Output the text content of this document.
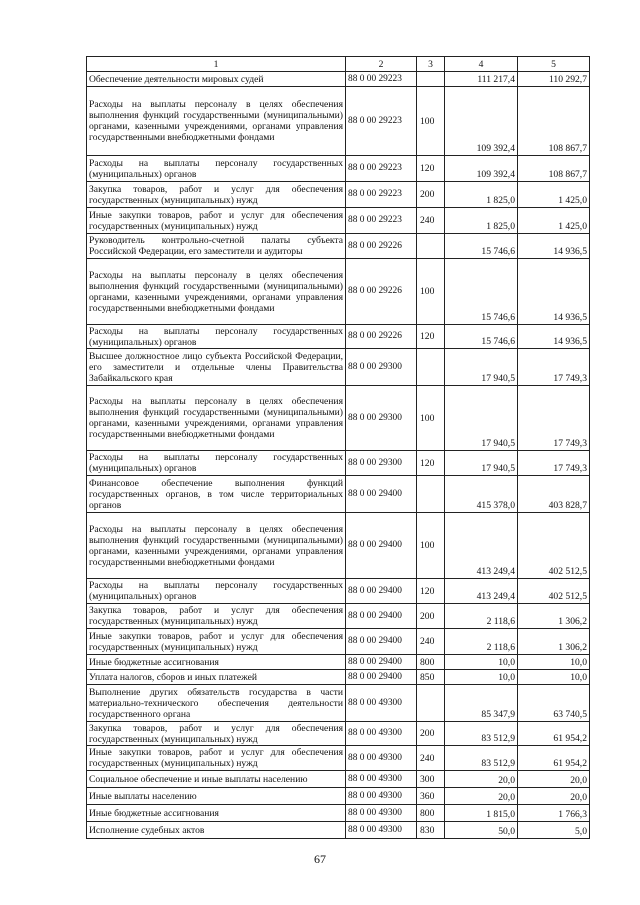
1	2	3	4	5
Обеспечение деятельности мировых судей	88 0 00 29223		111 217,4	110 292,7
Расходы на выплаты персоналу в целях обеспечения выполнения функций государственными (муниципальными) органами, казенными учреждениями, органами управления государственными внебюджетными фондами	88 0 00 29223	100	109 392,4	108 867,7
Расходы на выплаты персоналу государственных (муниципальных) органов	88 0 00 29223	120	109 392,4	108 867,7
Закупка товаров, работ и услуг для обеспечения государственных (муниципальных) нужд	88 0 00 29223	200	1 825,0	1 425,0
Иные закупки товаров, работ и услуг для обеспечения государственных (муниципальных) нужд	88 0 00 29223	240	1 825,0	1 425,0
Руководитель контрольно-счетной палаты субъекта Российской Федерации, его заместители и аудиторы	88 0 00 29226		15 746,6	14 936,5
Расходы на выплаты персоналу в целях обеспечения выполнения функций государственными (муниципальными) органами, казенными учреждениями, органами управления государственными внебюджетными фондами	88 0 00 29226	100	15 746,6	14 936,5
Расходы на выплаты персоналу государственных (муниципальных) органов	88 0 00 29226	120	15 746,6	14 936,5
Высшее должностное лицо субъекта Российской Федерации, его заместители и отдельные члены Правительства Забайкальского края	88 0 00 29300		17 940,5	17 749,3
Расходы на выплаты персоналу в целях обеспечения выполнения функций государственными (муниципальными) органами, казенными учреждениями, органами управления государственными внебюджетными фондами	88 0 00 29300	100	17 940,5	17 749,3
Расходы на выплаты персоналу государственных (муниципальных) органов	88 0 00 29300	120	17 940,5	17 749,3
Финансовое обеспечение выполнения функций государственных органов, в том числе территориальных органов	88 0 00 29400		415 378,0	403 828,7
Расходы на выплаты персоналу в целях обеспечения выполнения функций государственными (муниципальными) органами, казенными учреждениями, органами управления государственными внебюджетными фондами	88 0 00 29400	100	413 249,4	402 512,5
Расходы на выплаты персоналу государственных (муниципальных) органов	88 0 00 29400	120	413 249,4	402 512,5
Закупка товаров, работ и услуг для обеспечения государственных (муниципальных) нужд	88 0 00 29400	200	2 118,6	1 306,2
Иные закупки товаров, работ и услуг для обеспечения государственных (муниципальных) нужд	88 0 00 29400	240	2 118,6	1 306,2
Иные бюджетные ассигнования	88 0 00 29400	800	10,0	10,0
Уплата налогов, сборов и иных платежей	88 0 00 29400	850	10,0	10,0
Выполнение других обязательств государства в части материально-технического обеспечения деятельности государственного органа	88 0 00 49300		85 347,9	63 740,5
Закупка товаров, работ и услуг для обеспечения государственных (муниципальных) нужд	88 0 00 49300	200	83 512,9	61 954,2
Иные закупки товаров, работ и услуг для обеспечения государственных (муниципальных) нужд	88 0 00 49300	240	83 512,9	61 954,2
Социальное обеспечение и иные выплаты населению	88 0 00 49300	300	20,0	20,0
Иные выплаты населению	88 0 00 49300	360	20,0	20,0
Иные бюджетные ассигнования	88 0 00 49300	800	1 815,0	1 766,3
Исполнение судебных актов	88 0 00 49300	830	50,0	5,0
67
